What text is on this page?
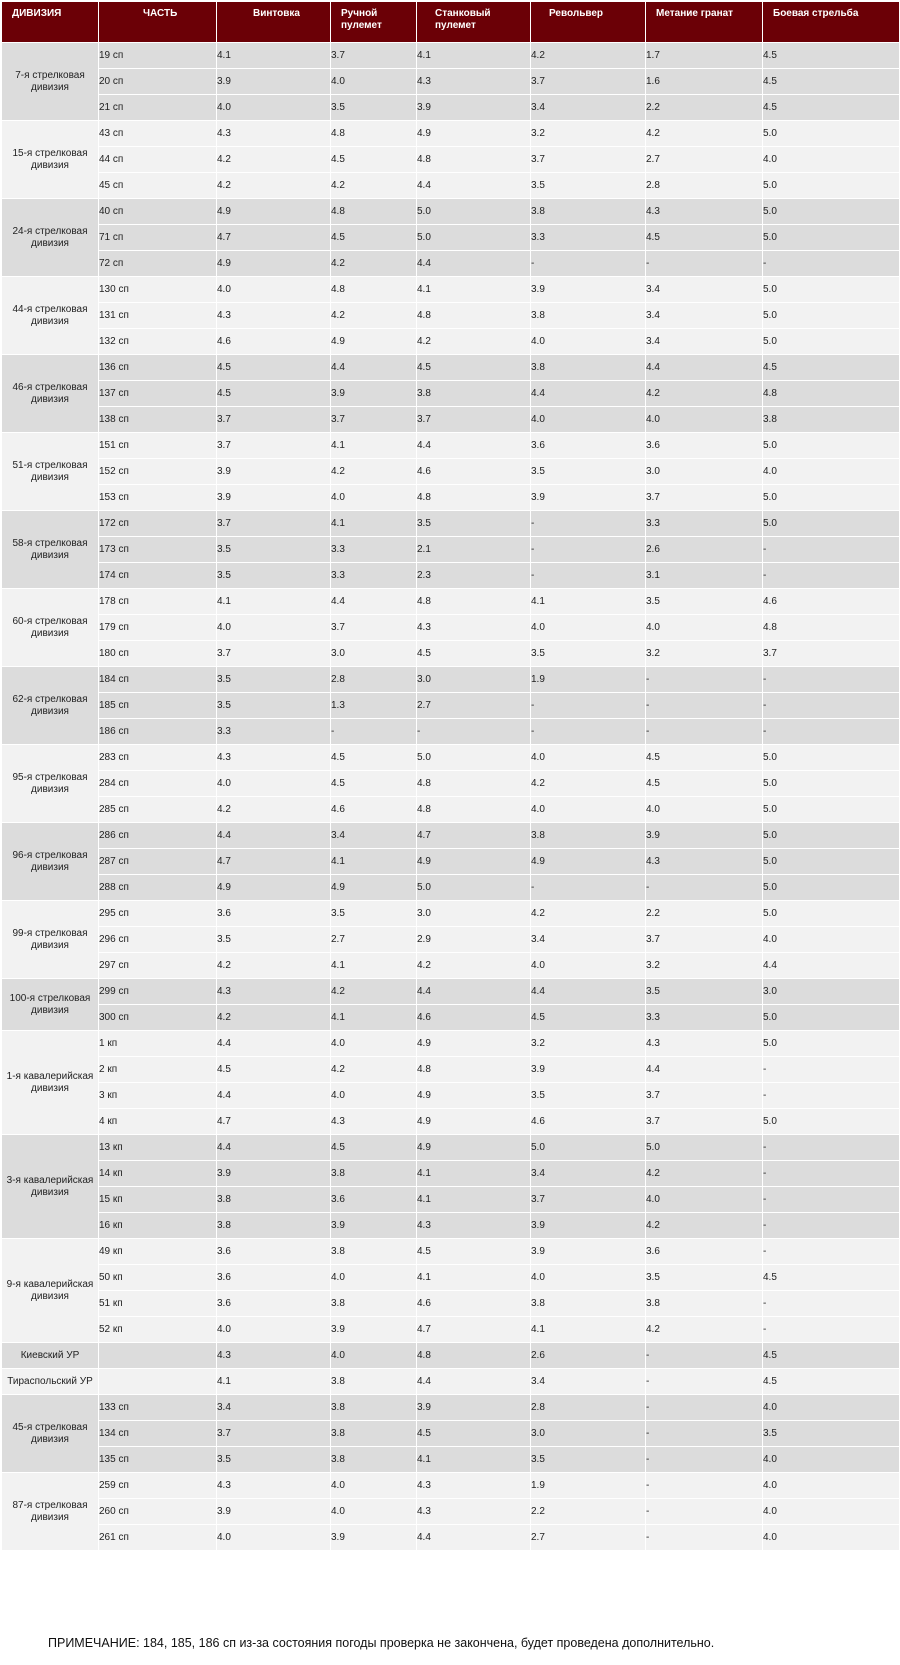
ДИВИЗИЯ	ЧАСТЬ	Винтовка	Ручной пулемет	Станковый пулемет	Револьвер	Метание гранат	Боевая стрельба
7-я стрелковая дивизия	19 сп	4.1	3.7	4.1	4.2	1.7	4.5
	20 сп	3.9	4.0	4.3	3.7	1.6	4.5
	21 сп	4.0	3.5	3.9	3.4	2.2	4.5
15-я стрелковая дивизия	43 сп	4.3	4.8	4.9	3.2	4.2	5.0
	44 сп	4.2	4.5	4.8	3.7	2.7	4.0
	45 сп	4.2	4.2	4.4	3.5	2.8	5.0
24-я стрелковая дивизия	40 сп	4.9	4.8	5.0	3.8	4.3	5.0
	71 сп	4.7	4.5	5.0	3.3	4.5	5.0
	72 сп	4.9	4.2	4.4	-	-	-
44-я стрелковая дивизия	130 сп	4.0	4.8	4.1	3.9	3.4	5.0
	131 сп	4.3	4.2	4.8	3.8	3.4	5.0
	132 сп	4.6	4.9	4.2	4.0	3.4	5.0
46-я стрелковая дивизия	136 сп	4.5	4.4	4.5	3.8	4.4	4.5
	137 сп	4.5	3.9	3.8	4.4	4.2	4.8
	138 сп	3.7	3.7	3.7	4.0	4.0	3.8
51-я стрелковая дивизия	151 сп	3.7	4.1	4.4	3.6	3.6	5.0
	152 сп	3.9	4.2	4.6	3.5	3.0	4.0
	153 сп	3.9	4.0	4.8	3.9	3.7	5.0
58-я стрелковая дивизия	172 сп	3.7	4.1	3.5	-	3.3	5.0
	173 сп	3.5	3.3	2.1	-	2.6	-
	174 сп	3.5	3.3	2.3	-	3.1	-
60-я стрелковая дивизия	178 сп	4.1	4.4	4.8	4.1	3.5	4.6
	179 сп	4.0	3.7	4.3	4.0	4.0	4.8
	180 сп	3.7	3.0	4.5	3.5	3.2	3.7
62-я стрелковая дивизия	184 сп	3.5	2.8	3.0	1.9	-	-
	185 сп	3.5	1.3	2.7	-	-	-
	186 сп	3.3	-	-	-	-	-
95-я стрелковая дивизия	283 сп	4.3	4.5	5.0	4.0	4.5	5.0
	284 сп	4.0	4.5	4.8	4.2	4.5	5.0
	285 сп	4.2	4.6	4.8	4.0	4.0	5.0
96-я стрелковая дивизия	286 сп	4.4	3.4	4.7	3.8	3.9	5.0
	287 сп	4.7	4.1	4.9	4.9	4.3	5.0
	288 сп	4.9	4.9	5.0	-	-	5.0
99-я стрелковая дивизия	295 сп	3.6	3.5	3.0	4.2	2.2	5.0
	296 сп	3.5	2.7	2.9	3.4	3.7	4.0
	297 сп	4.2	4.1	4.2	4.0	3.2	4.4
100-я стрелковая дивизия	299 сп	4.3	4.2	4.4	4.4	3.5	3.0
	300 сп	4.2	4.1	4.6	4.5	3.3	5.0
1-я кавалерийская дивизия	1 кп	4.4	4.0	4.9	3.2	4.3	5.0
	2 кп	4.5	4.2	4.8	3.9	4.4	-
	3 кп	4.4	4.0	4.9	3.5	3.7	-
	4 кп	4.7	4.3	4.9	4.6	3.7	5.0
3-я кавалерийская дивизия	13 кп	4.4	4.5	4.9	5.0	5.0	-
	14 кп	3.9	3.8	4.1	3.4	4.2	-
	15 кп	3.8	3.6	4.1	3.7	4.0	-
	16 кп	3.8	3.9	4.3	3.9	4.2	-
9-я кавалерийская дивизия	49 кп	3.6	3.8	4.5	3.9	3.6	-
	50 кп	3.6	4.0	4.1	4.0	3.5	4.5
	51 кп	3.6	3.8	4.6	3.8	3.8	-
	52 кп	4.0	3.9	4.7	4.1	4.2	-
Киевский УР		4.3	4.0	4.8	2.6	-	4.5
Тираспольский УР		4.1	3.8	4.4	3.4	-	4.5
45-я стрелковая дивизия	133 сп	3.4	3.8	3.9	2.8	-	4.0
	134 сп	3.7	3.8	4.5	3.0	-	3.5
	135 сп	3.5	3.8	4.1	3.5	-	4.0
87-я стрелковая дивизия	259 сп	4.3	4.0	4.3	1.9	-	4.0
	260 сп	3.9	4.0	4.3	2.2	-	4.0
	261 сп	4.0	3.9	4.4	2.7	-	4.0
ПРИМЕЧАНИЕ: 184, 185, 186 сп из-за состояния погоды проверка не закончена, будет проведена дополнительно.
